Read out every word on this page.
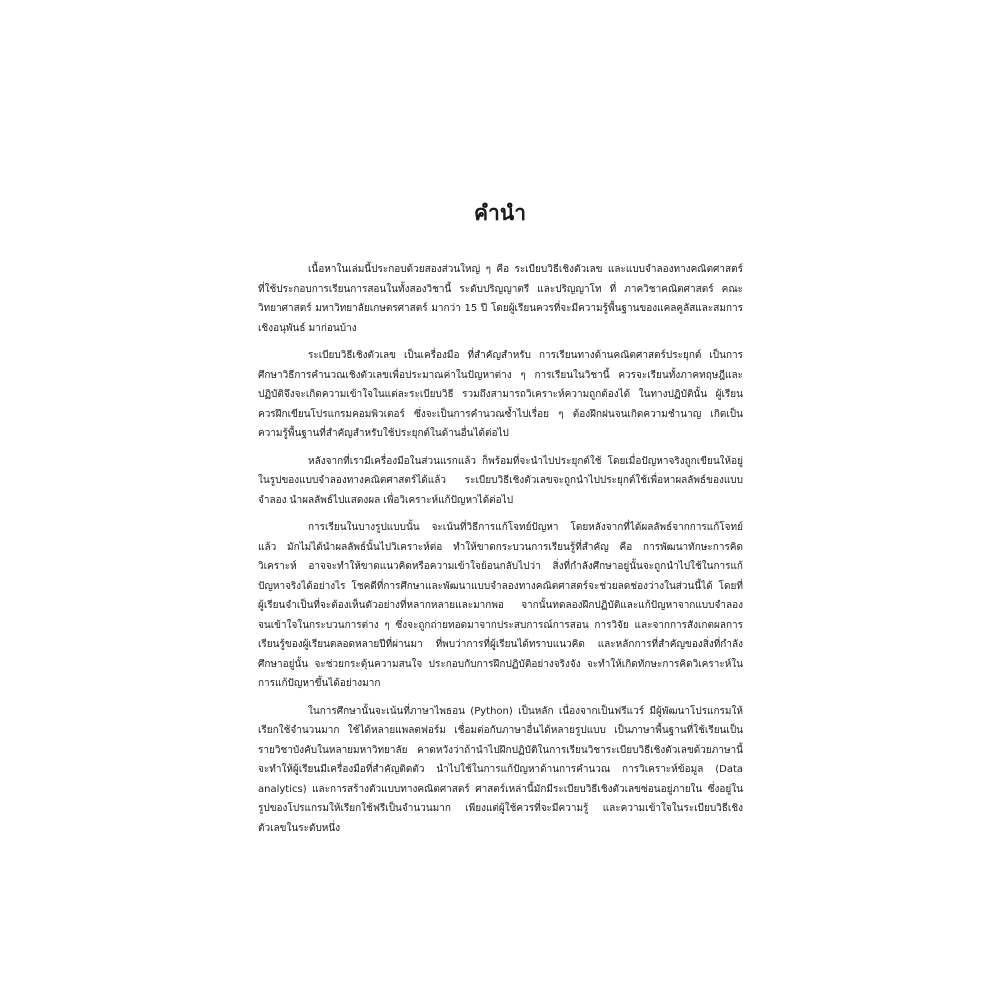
คำนำ

เนื้อหาในเล่มนี้ประกอบด้วยสองส่วนใหญ่ ๆ คือ ระเบียบวิธีเชิงตัวเลข และแบบจำลองทางคณิตศาสตร์ ที่ใช้ประกอบการเรียนการสอนในทั้งสองวิชานี้ ระดับปริญญาตรี และปริญญาโท ที่ ภาควิชาคณิตศาสตร์ คณะวิทยาศาสตร์ มหาวิทยาลัยเกษตรศาสตร์ มากว่า 15 ปี โดยผู้เรียนควรที่จะมีความรู้พื้นฐานของแคลคูลัสและสมการเชิงอนุพันธ์ มาก่อนบ้าง

ระเบียบวิธีเชิงตัวเลข เป็นเครื่องมือ ที่สำคัญสำหรับ การเรียนทางด้านคณิตศาสตร์ประยุกต์ เป็นการศึกษาวิธีการคำนวณเชิงตัวเลขเพื่อประมาณค่าในปัญหาต่าง ๆ การเรียนในวิชานี้ ควรจะเรียนทั้งภาคทฤษฎีและปฏิบัติจึงจะเกิดความเข้าใจในแต่ละระเบียบวิธี รวมถึงสามารถวิเคราะห์ความถูกต้องได้ ในทางปฏิบัตินั้น ผู้เรียนควรฝึกเขียนโปรแกรมคอมพิวเตอร์ ซึ่งจะเป็นการคำนวณซ้ำไปเรื่อย ๆ ต้องฝึกฝนจนเกิดความชำนาญ เกิดเป็นความรู้พื้นฐานที่สำคัญสำหรับใช้ประยุกต์ในด้านอื่นได้ต่อไป

หลังจากที่เรามีเครื่องมือในส่วนแรกแล้ว ก็พร้อมที่จะนำไปประยุกต์ใช้ โดยเมื่อปัญหาจริงถูกเขียนให้อยู่ในรูปของแบบจำลองทางคณิตศาสตร์ได้แล้ว ระเบียบวิธีเชิงตัวเลขจะถูกนำไปประยุกต์ใช้เพื่อหาผลลัพธ์ของแบบจำลอง นำผลลัพธ์ไปแสดงผล เพื่อวิเคราะห์แก้ปัญหาได้ต่อไป

การเรียนในบางรูปแบบนั้น จะเน้นที่วิธีการแก้โจทย์ปัญหา โดยหลังจากที่ได้ผลลัพธ์จากการแก้โจทย์แล้ว มักไม่ได้นำผลลัพธ์นั้นไปวิเคราะห์ต่อ ทำให้ขาดกระบวนการเรียนรู้ที่สำคัญ คือ การพัฒนาทักษะการคิดวิเคราะห์ อาจจะทำให้ขาดแนวคิดหรือความเข้าใจย้อนกลับไปว่า สิ่งที่กำลังศึกษาอยู่นั้นจะถูกนำไปใช้ในการแก้ปัญหาจริงได้อย่างไร โชคดีที่การศึกษาและพัฒนาแบบจำลองทางคณิตศาสตร์จะช่วยลดช่องว่างในส่วนนี้ได้ โดยที่ผู้เรียนจำเป็นที่จะต้องเห็นตัวอย่างที่หลากหลายและมากพอ จากนั้นทดลองฝึกปฏิบัติและแก้ปัญหาจากแบบจำลอง จนเข้าใจในกระบวนการต่าง ๆ ซึ่งจะถูกถ่ายทอดมาจากประสบการณ์การสอน การวิจัย และจากการสังเกตผลการเรียนรู้ของผู้เรียนตลอดหลายปีที่ผ่านมา ที่พบว่าการที่ผู้เรียนได้ทราบแนวคิด และหลักการที่สำคัญของสิ่งที่กำลังศึกษาอยู่นั้น จะช่วยกระตุ้นความสนใจ ประกอบกับการฝึกปฏิบัติอย่างจริงจัง จะทำให้เกิดทักษะการคิดวิเคราะห์ในการแก้ปัญหาขึ้นได้อย่างมาก

ในการศึกษานั้นจะเน้นที่ภาษาไพธอน (Python) เป็นหลัก เนื่องจากเป็นฟรีแวร์ มีผู้พัฒนาโปรแกรมให้เรียกใช้จำนวนมาก ใช้ได้หลายแพลตฟอร์ม เชื่อมต่อกับภาษาอื่นได้หลายรูปแบบ เป็นภาษาพื้นฐานที่ใช้เรียนเป็นรายวิชาบังคับในหลายมหาวิทยาลัย คาดหวังว่าถ้านำไปฝึกปฏิบัติในการเรียนวิชาระเบียบวิธีเชิงตัวเลขด้วยภาษานี้ จะทำให้ผู้เรียนมีเครื่องมือที่สำคัญติดตัว นำไปใช้ในการแก้ปัญหาด้านการคำนวณ การวิเคราะห์ข้อมูล (Data analytics) และการสร้างตัวแบบทางคณิตศาสตร์ ศาสตร์เหล่านี้มักมีระเบียบวิธีเชิงตัวเลขซ่อนอยู่ภายใน ซึ่งอยู่ในรูปของโปรแกรมให้เรียกใช้ฟรีเป็นจำนวนมาก เพียงแต่ผู้ใช้ควรที่จะมีความรู้ และความเข้าใจในระเบียบวิธีเชิงตัวเลขในระดับหนึ่ง
